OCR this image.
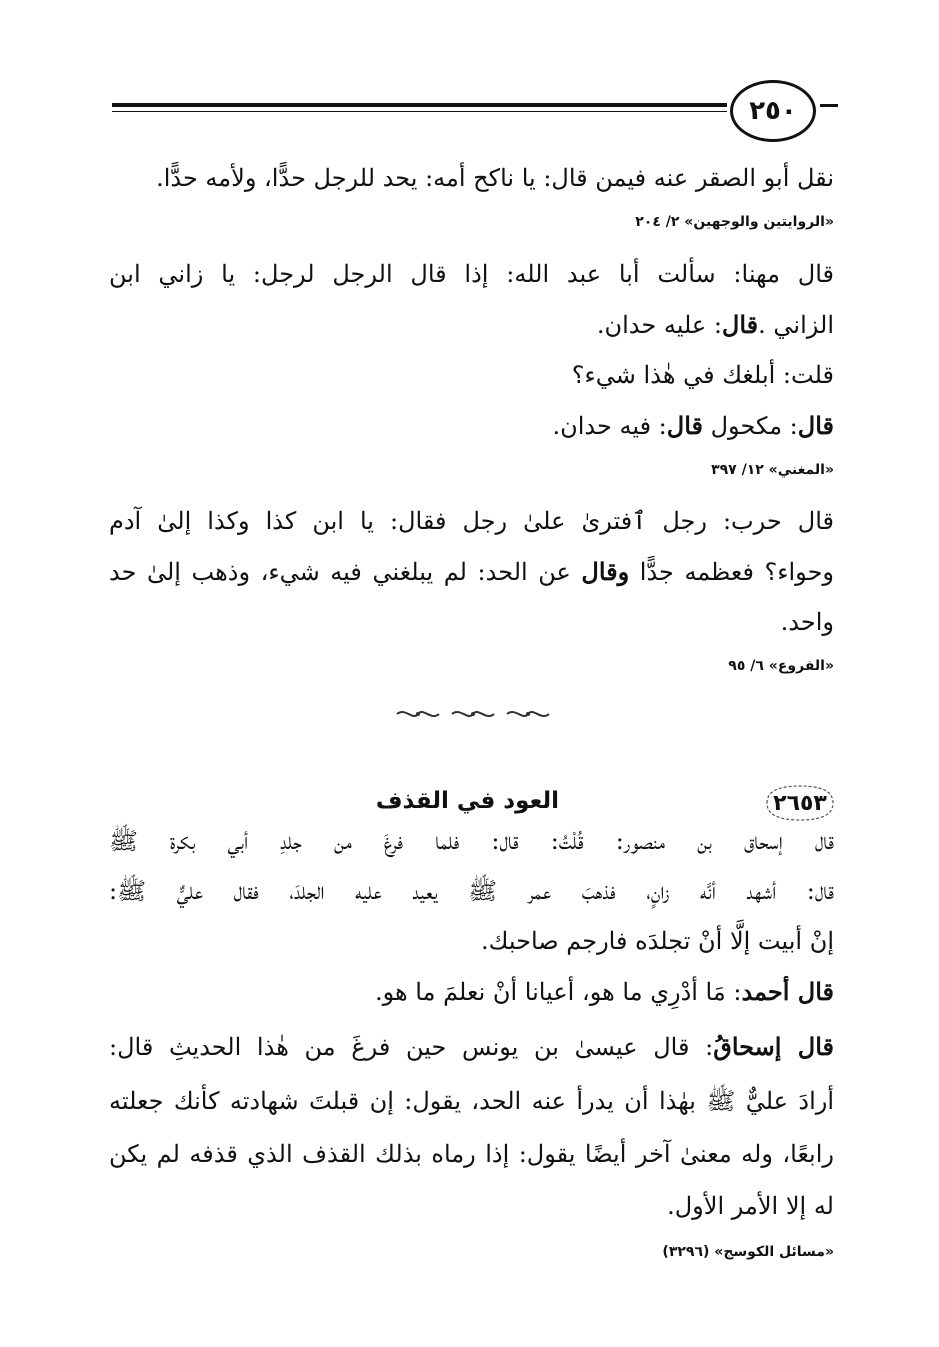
٢٥٠
نقل أبو الصقر عنه فيمن قال: يا ناكح أمه: يحد للرجل حدًّا، ولأمه حدًّا.
«الروايتين والوجهين» ٢/ ٢٠٤
قال مهنا: سألت أبا عبد الله: إذا قال الرجل لرجل: يا زاني ابن
الزاني .قال: عليه حدان.
قلت: أبلغك في هٰذا شيء؟
قال: مكحول قال: فيه حدان.
«المغني» ١٢/ ٣٩٧
قال حرب: رجل ٱفترىٰ علىٰ رجل فقال: يا ابن كذا وكذا إلىٰ آدم
وحواء؟ فعظمه جدًّا وقال عن الحد: لم يبلغني فيه شيء، وذهب إلىٰ حد
واحد.
«الفروع» ٦/ ٩٥
٢٦٥٣
العود في القذف
قال إسحاق بن منصور: قُلْتُ: قال: فلما فرغَ من جلدِ أبي بكرة ﷺ
قال: أشهد أنَّه زانٍ، فذهبَ عمر ﷺ يعيد عليه الجلدَ، فقال عليٌّ ﷺ:
إنْ أبيت إلَّا أنْ تجلدَه فارجم صاحبك.
قال أحمد: مَا أدْرِي ما هو، أعيانا أنْ نعلمَ ما هو.
قال إسحاقُ: قال عيسىٰ بن يونس حين فرغَ من هٰذا الحديثِ قال:
أرادَ عليٌّ ﷺ بهٰذا أن يدرأ عنه الحد، يقول: إن قبلتَ شهادته كأنك جعلته
رابعًا، وله معنىٰ آخر أيضًا يقول: إذا رماه بذلك القذف الذي قذفه لم يكن
له إلا الأمر الأول.
«مسائل الكوسج» (٣٢٩٦)
